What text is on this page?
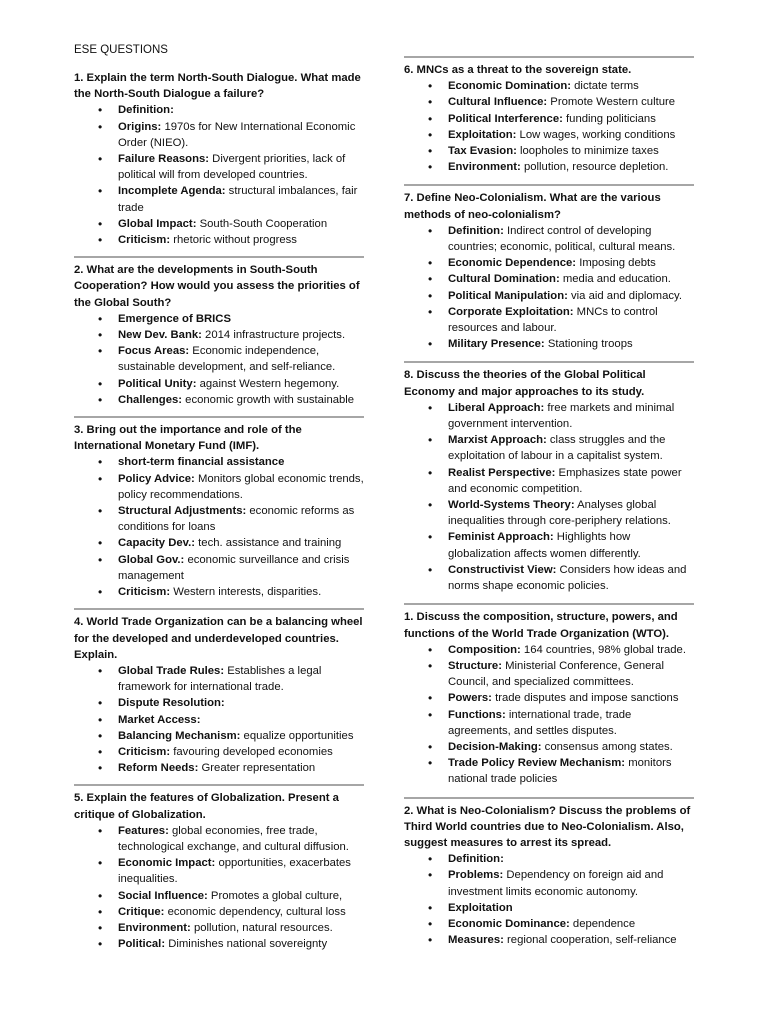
ESE QUESTIONS
1. Explain the term North-South Dialogue. What made the North-South Dialogue a failure?
• Definition:
• Origins: 1970s for New International Economic Order (NIEO).
• Failure Reasons: Divergent priorities, lack of political will from developed countries.
• Incomplete Agenda: structural imbalances, fair trade
• Global Impact: South-South Cooperation
• Criticism: rhetoric without progress
2. What are the developments in South-South Cooperation? How would you assess the priorities of the Global South?
• Emergence of BRICS
• New Dev. Bank: 2014 infrastructure projects.
• Focus Areas: Economic independence, sustainable development, and self-reliance.
• Political Unity: against Western hegemony.
• Challenges: economic growth with sustainable
3. Bring out the importance and role of the International Monetary Fund (IMF).
• short-term financial assistance
• Policy Advice: Monitors global economic trends, policy recommendations.
• Structural Adjustments: economic reforms as conditions for loans
• Capacity Dev.: tech. assistance and training
• Global Gov.: economic surveillance and crisis management
• Criticism: Western interests, disparities.
4. World Trade Organization can be a balancing wheel for the developed and underdeveloped countries. Explain.
• Global Trade Rules: Establishes a legal framework for international trade.
• Dispute Resolution:
• Market Access:
• Balancing Mechanism: equalize opportunities
• Criticism: favouring developed economies
• Reform Needs: Greater representation
5. Explain the features of Globalization. Present a critique of Globalization.
• Features: global economies, free trade, technological exchange, and cultural diffusion.
• Economic Impact: opportunities, exacerbates inequalities.
• Social Influence: Promotes a global culture,
• Critique: economic dependency, cultural loss
• Environment: pollution, natural resources.
• Political: Diminishes national sovereignty
6. MNCs as a threat to the sovereign state.
• Economic Domination: dictate terms
• Cultural Influence: Promote Western culture
• Political Interference: funding politicians
• Exploitation: Low wages, working conditions
• Tax Evasion: loopholes to minimize taxes
• Environment: pollution, resource depletion.
7. Define Neo-Colonialism. What are the various methods of neo-colonialism?
• Definition: Indirect control of developing countries; economic, political, cultural means.
• Economic Dependence: Imposing debts
• Cultural Domination: media and education.
• Political Manipulation: via aid and diplomacy.
• Corporate Exploitation: MNCs to control resources and labour.
• Military Presence: Stationing troops
8. Discuss the theories of the Global Political Economy and major approaches to its study.
• Liberal Approach: free markets and minimal government intervention.
• Marxist Approach: class struggles and the exploitation of labour in a capitalist system.
• Realist Perspective: Emphasizes state power and economic competition.
• World-Systems Theory: Analyses global inequalities through core-periphery relations.
• Feminist Approach: Highlights how globalization affects women differently.
• Constructivist View: Considers how ideas and norms shape economic policies.
1. Discuss the composition, structure, powers, and functions of the World Trade Organization (WTO).
• Composition: 164 countries, 98% global trade.
• Structure: Ministerial Conference, General Council, and specialized committees.
• Powers: trade disputes and impose sanctions
• Functions: international trade, trade agreements, and settles disputes.
• Decision-Making: consensus among states.
• Trade Policy Review Mechanism: monitors national trade policies
2. What is Neo-Colonialism? Discuss the problems of Third World countries due to Neo-Colonialism. Also, suggest measures to arrest its spread.
• Definition:
• Problems: Dependency on foreign aid and investment limits economic autonomy.
• Exploitation
• Economic Dominance: dependence
• Measures: regional cooperation, self-reliance
